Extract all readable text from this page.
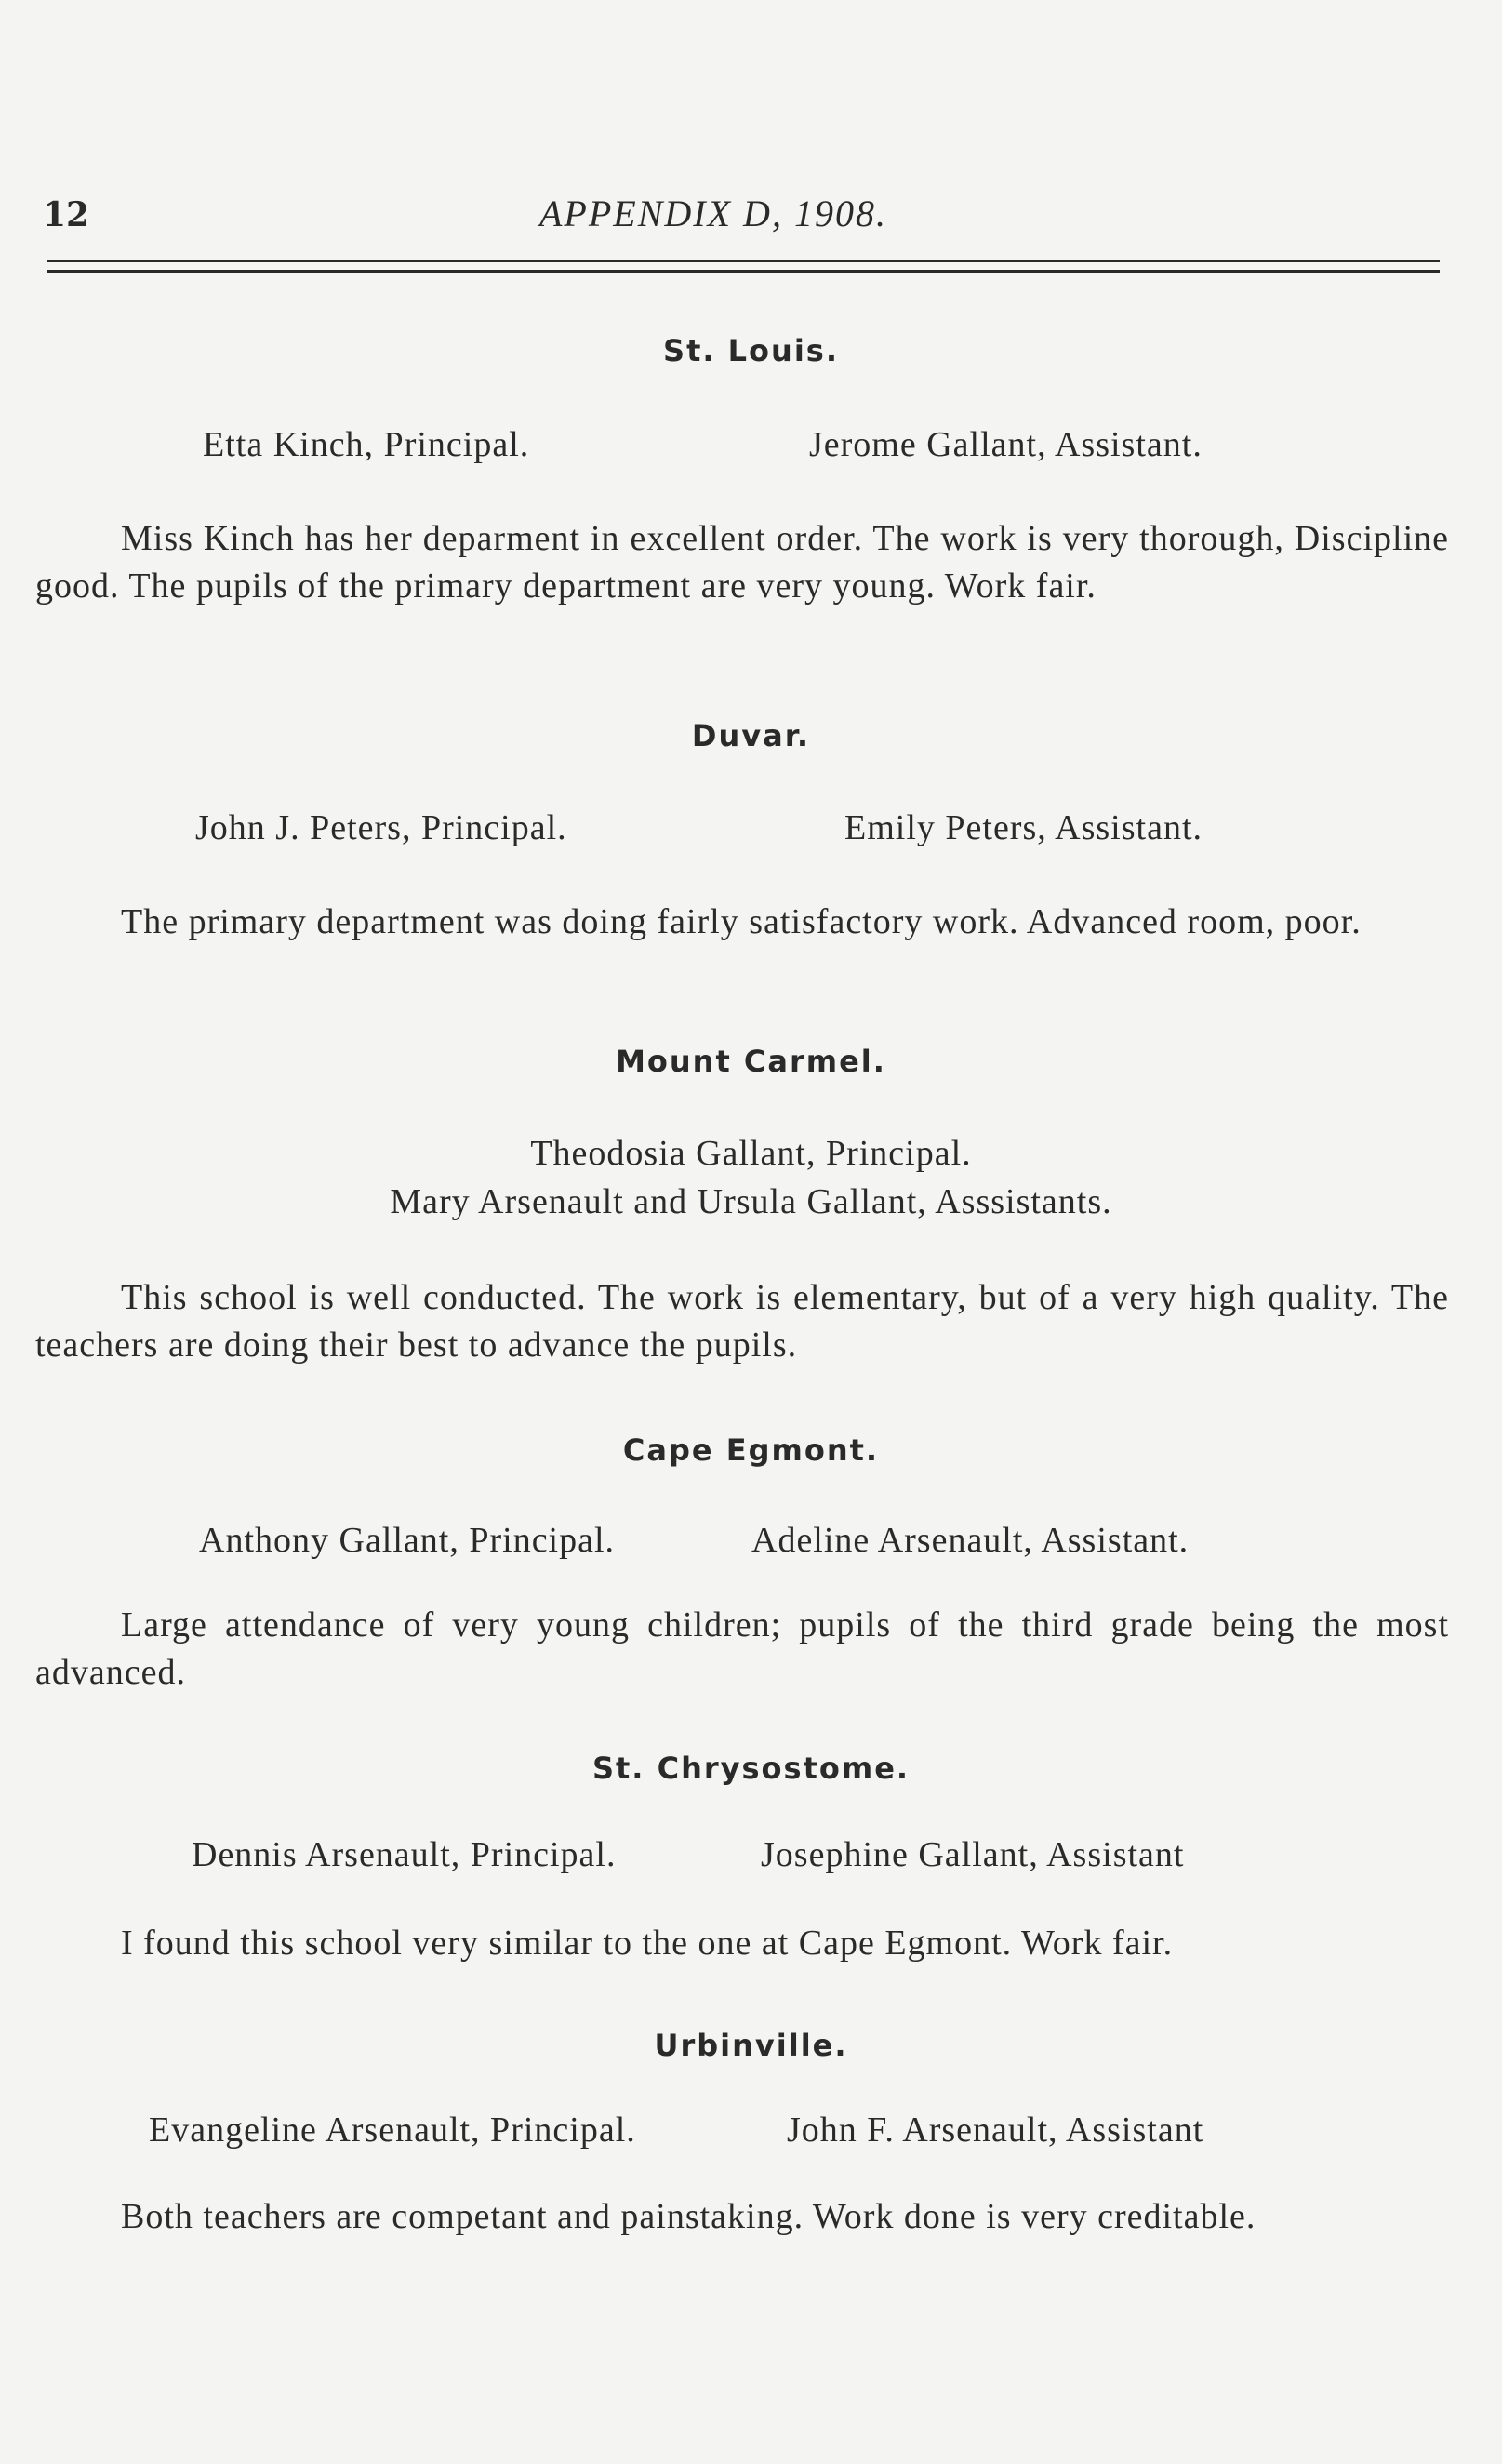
12	APPENDIX D, 1908.
St. Louis.
Etta Kinch, Principal.	Jerome Gallant, Assistant.

Miss Kinch has her deparment in excellent order. The work is very thorough, Discipline good. The pupils of the primary department are very young. Work fair.

Duvar.
John J. Peters, Principal.	Emily Peters, Assistant.

The primary department was doing fairly satisfactory work. Advanced room, poor.

Mount Carmel.
Theodosia Gallant, Principal.
Mary Arsenault and Ursula Gallant, Asssistants.

This school is well conducted. The work is elementary, but of a very high quality. The teachers are doing their best to advance the pupils.

Cape Egmont.
Anthony Gallant, Principal.	Adeline Arsenault, Assistant.

Large attendance of very young children; pupils of the third grade being the most advanced.

St. Chrysostome.
Dennis Arsenault, Principal.	Josephine Gallant, Assistant

I found this school very similar to the one at Cape Egmont. Work fair.

Urbinville.
Evangeline Arsenault, Principal.	John F. Arsenault, Assistant

Both teachers are competant and painstaking. Work done is very creditable.
